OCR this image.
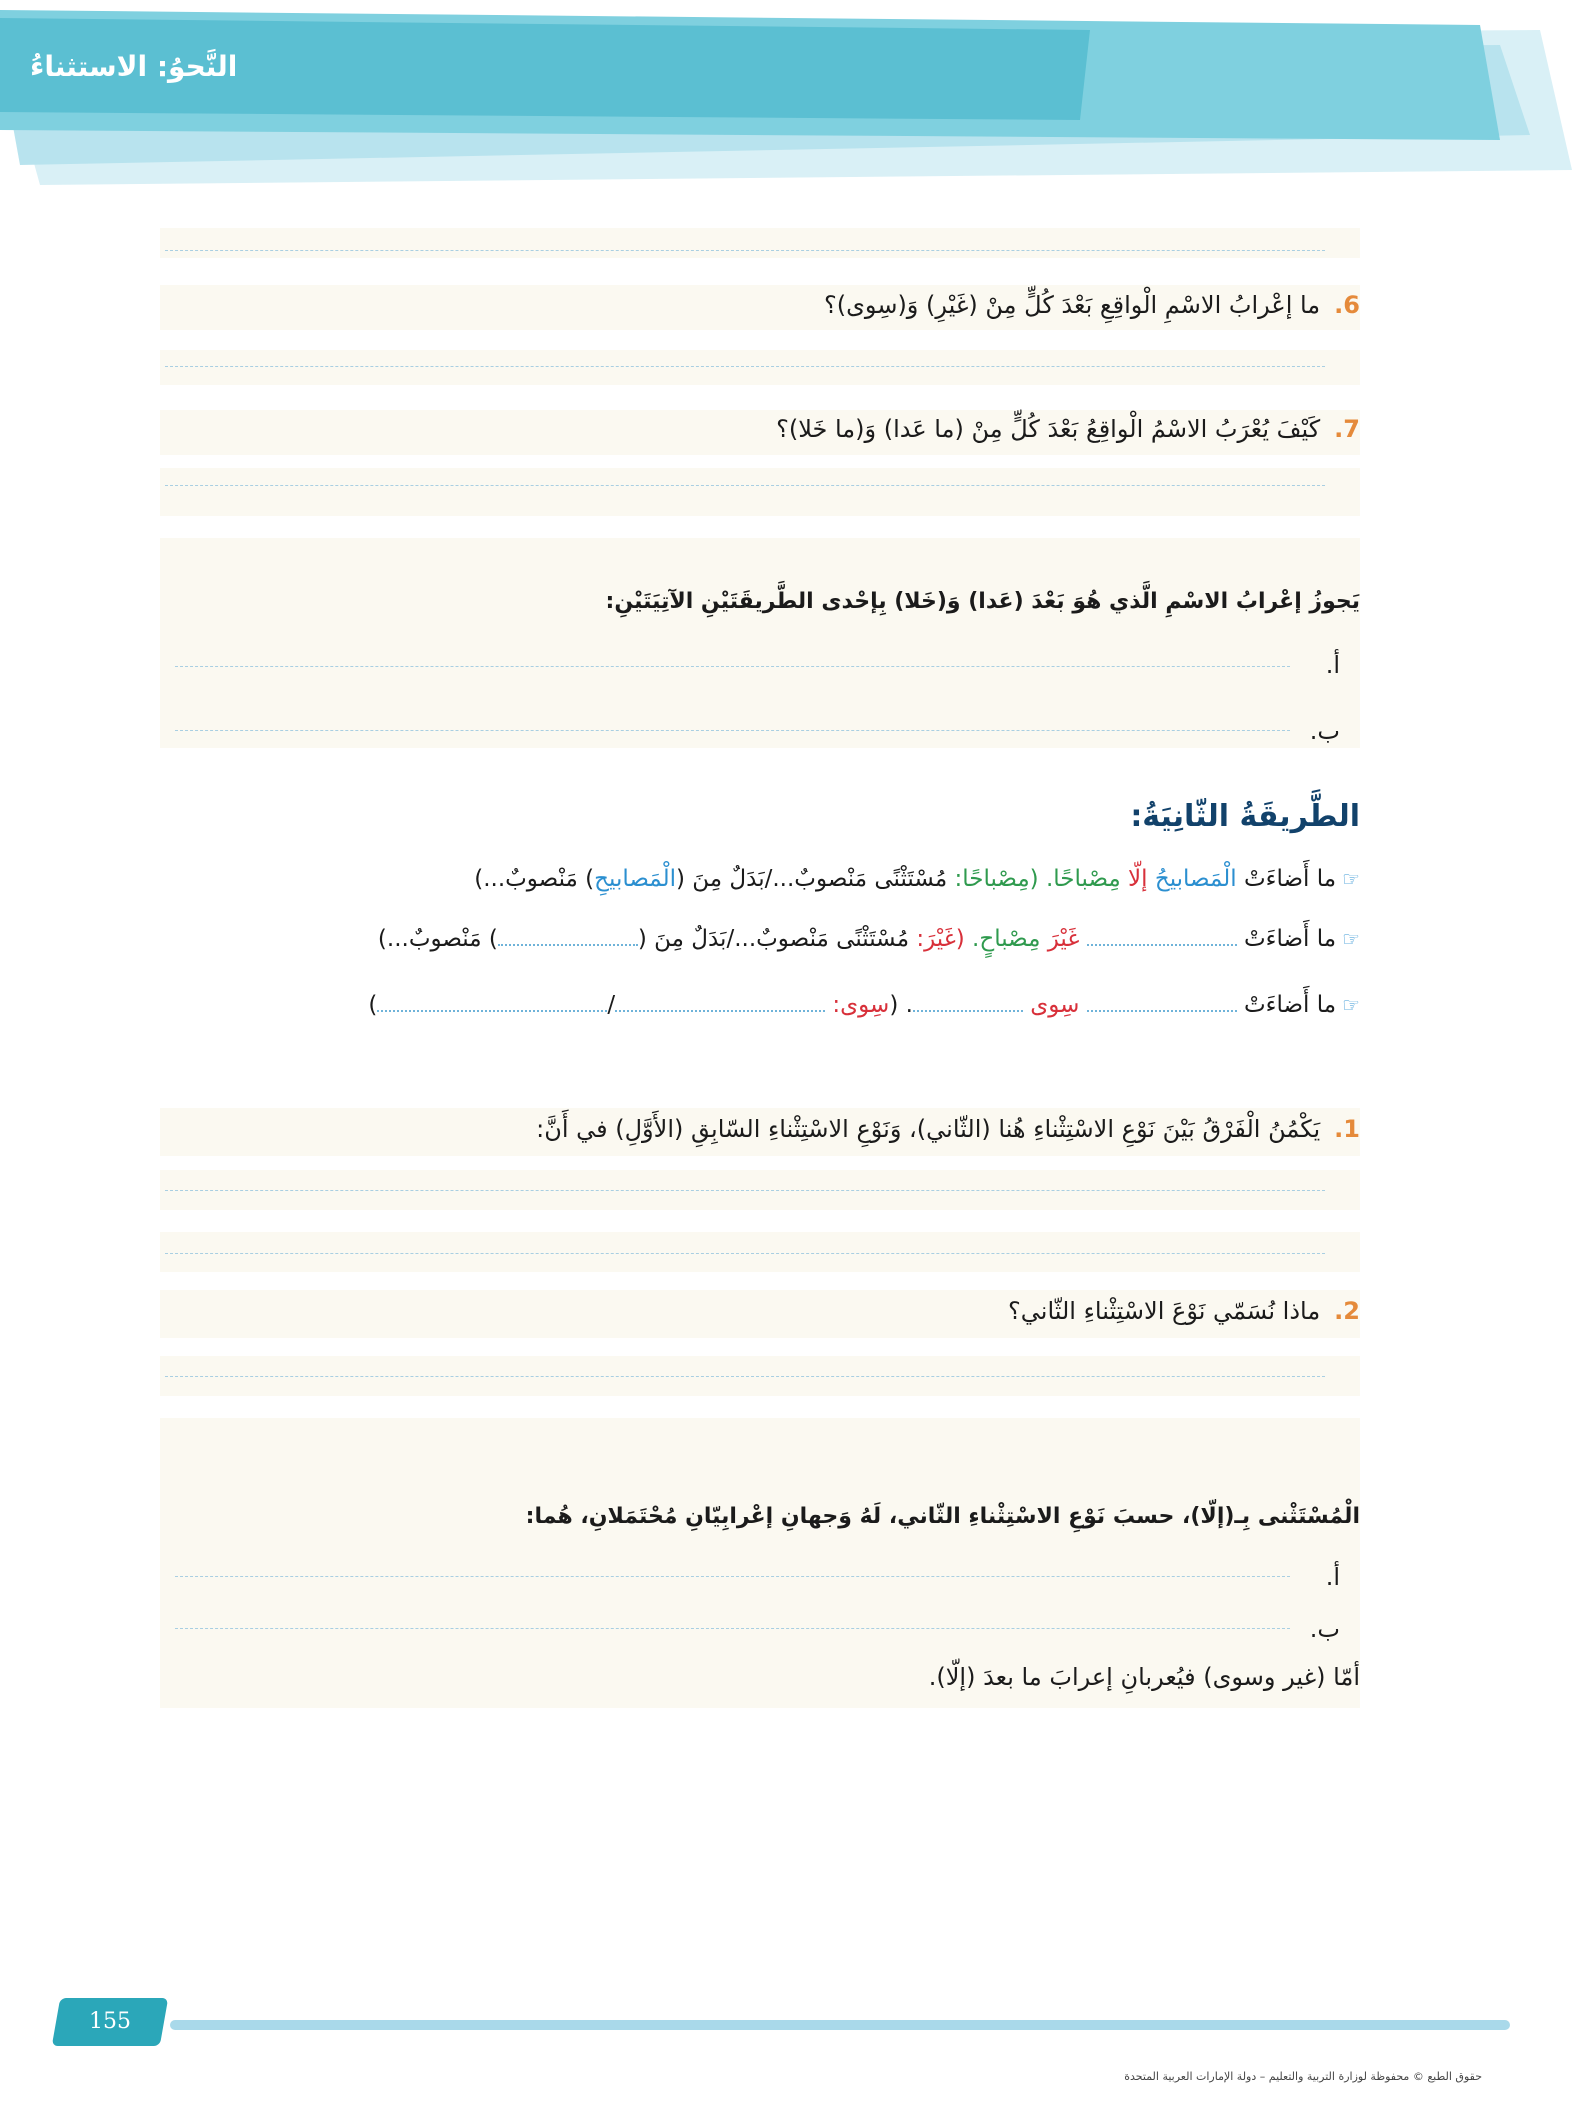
النَّحوُ: الاستثناءُ
6.ما إعْرابُ الاسْمِ الْواقِعِ بَعْدَ كُلٍّ مِنْ (غَيْرِ) وَ(سِوى)؟
7.كَيْفَ يُعْرَبُ الاسْمُ الْواقِعُ بَعْدَ كُلٍّ مِنْ (ما عَدا) وَ(ما خَلا)؟
يَجوزُ إعْرابُ الاسْمِ الَّذي هُوَ بَعْدَ (عَدا) وَ(خَلا) بِإحْدى الطَّريقَتَيْنِ الآتِيَتَيْنِ:
أ.
ب.
الطَّريقَةُ الثّانِيَةُ:
☞ما أَضاءَتْ الْمَصابيحُ إلّا مِصْباحًا. (مِصْباحًا: مُسْتَثْنًى مَنْصوبٌ.../بَدَلٌ مِنَ (الْمَصابيحِ) مَنْصوبٌ...)
☞ما أَضاءَتْ  غَيْرَ مِصْباحٍ. (غَيْرَ: مُسْتَثْنًى مَنْصوبٌ.../بَدَلٌ مِنَ () مَنْصوبٌ...)
☞ما أَضاءَتْ  سِوى . (سِوى: /)
1.يَكْمُنُ الْفَرْقُ بَيْنَ نَوْعِ الاسْتِثْناءِ هُنا (الثّاني)، وَنَوْعِ الاسْتِثْناءِ السّابِقِ (الأَوَّلِ) في أَنَّ:
2.ماذا نُسَمّي نَوْعَ الاسْتِثْناءِ الثّاني؟
الْمُسْتَثْنى بِـ(إلّا)، حسبَ نَوْعِ الاسْتِثْناءِ الثّاني، لَهُ وَجهانِ إعْرابِيّانِ مُحْتَمَلانِ، هُما:
أ.
ب.
أمّا (غير وسوى) فيُعربانِ إعرابَ ما بعدَ (إلّا).
155
حقوق الطبع © محفوظة لوزارة التربية والتعليم – دولة الإمارات العربية المتحدة
